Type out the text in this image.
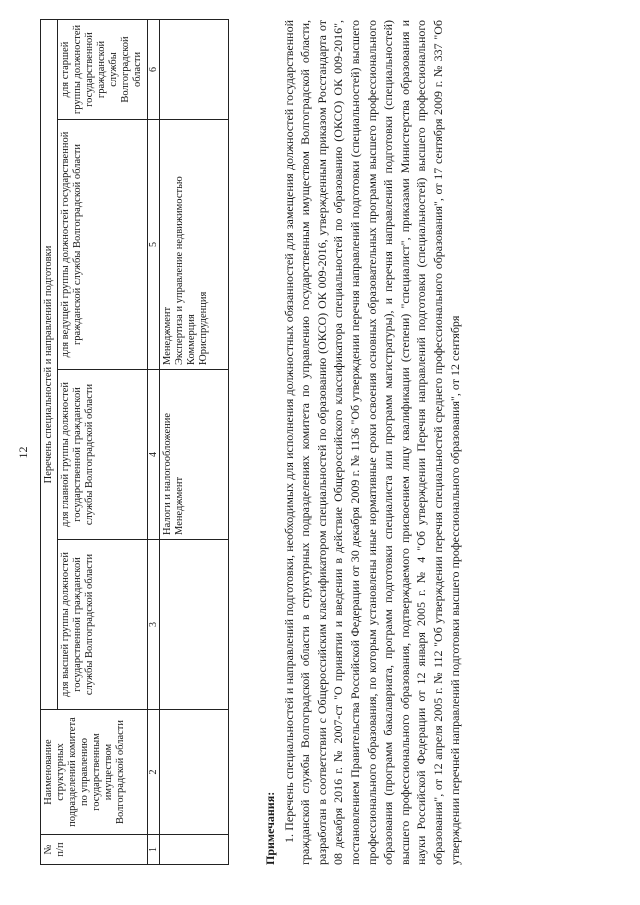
12
№ п/п	Наименование структурных подразделений комитета по управлению государственным имуществом Волгоградской области	Перечень специальностей и направлений подготовки			
		для высшей группы должностей государственной гражданской службы Волгоградской области	для главной группы должностей государственной гражданской службы Волгоградской области	для ведущей группы должностей государственной гражданской службы Волгоградской области	для старшей группы должностей государственной гражданской службы Волгоградской области
1	2	3	4	5	6

			Налоги и налогообложение Менеджмент	Менеджмент Экспертиза и управление недвижимостью Коммерция Юриспруденция	

Примечания: 1. Перечень специальностей и направлений подготовки, необходимых для исполнения должностных обязанностей для замещения должностей государственной гражданской службы Волгоградской области в структурных подразделениях комитета по управлению государственным имуществом Волгоградской области, разработан в соответствии с Общероссийским классификатором специальностей по образованию (ОКСО) ОК 009-2016, утвержденным приказом Росстандарта от 08 декабря 2016 г. № 2007-ст "О принятии и введении в действие Общероссийского классификатора специальностей по образованию (ОКСО) ОК 009-2016", постановлением Правительства Российской Федерации от 30 декабря 2009 г. № 1136 "Об утверждении перечня направлений подготовки (специальностей) высшего профессионального образования, по которым установлены иные нормативные сроки освоения основных образовательных программ высшего профессионального образования (программ бакалавриата, программ подготовки специалиста или программ магистратуры), и перечня направлений подготовки (специальностей) высшего профессионального образования, подтверждаемого присвоением лицу квалификации (степени) "специалист", приказами Министерства образования и науки Российской Федерации от 12 января 2005 г. № 4 "Об утверждении Перечня направлений подготовки (специальностей) высшего профессионального образования", от 12 апреля 2005 г. № 112 "Об утверждении перечня специальностей среднего профессионального образования", от 17 сентября 2009 г. № 337 "Об утверждении перечней направлений подготовки высшего профессионального образования", от 12 сентября
